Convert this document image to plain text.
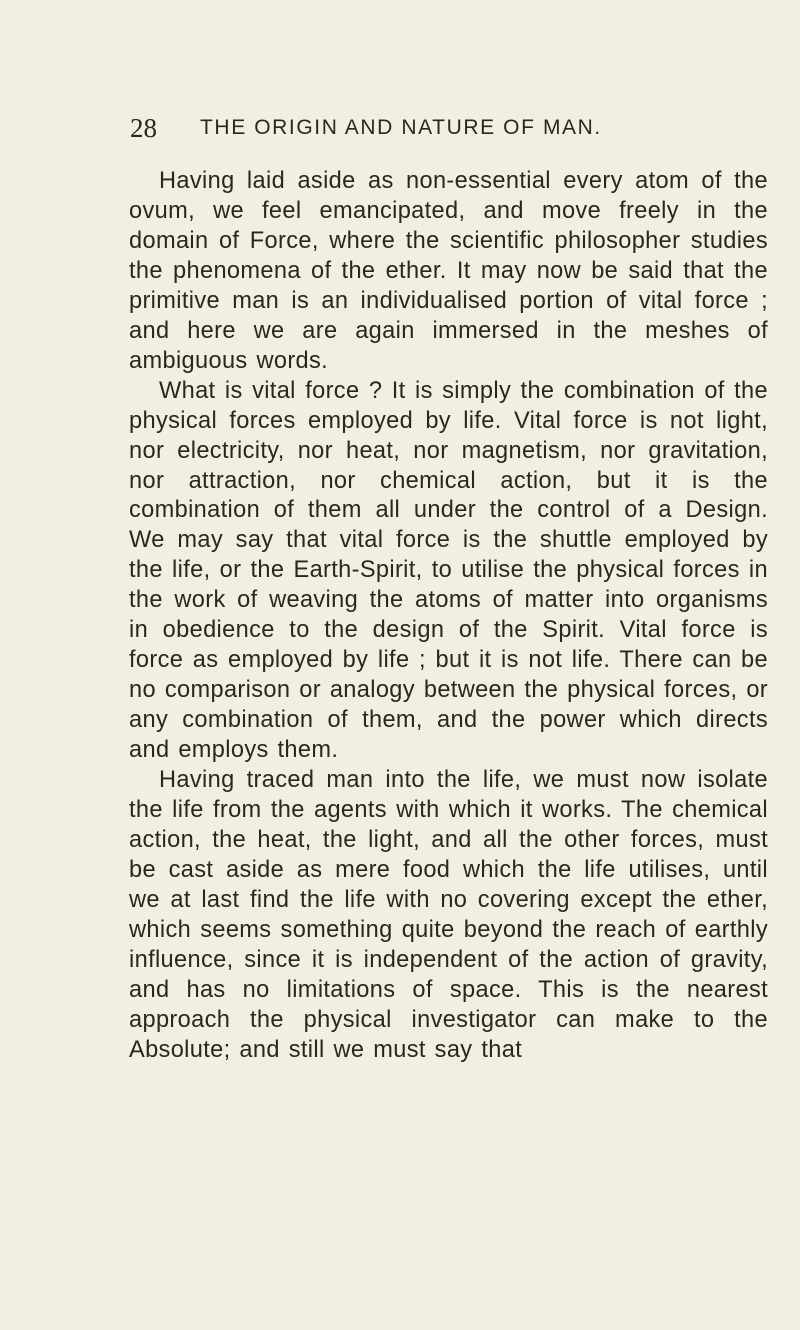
28 THE ORIGIN AND NATURE OF MAN.

Having laid aside as non-essential every atom of the ovum, we feel emancipated, and move freely in the domain of Force, where the scientific philosopher studies the phenomena of the ether. It may now be said that the primitive man is an individualised portion of vital force ; and here we are again immersed in the meshes of ambiguous words.

What is vital force ? It is simply the combination of the physical forces employed by life. Vital force is not light, nor electricity, nor heat, nor magnetism, nor gravitation, nor attraction, nor chemical action, but it is the combination of them all under the control of a Design. We may say that vital force is the shuttle employed by the life, or the Earth-Spirit, to utilise the physical forces in the work of weaving the atoms of matter into organisms in obedience to the design of the Spirit. Vital force is force as employed by life ; but it is not life. There can be no comparison or analogy between the physical forces, or any combination of them, and the power which directs and employs them.

Having traced man into the life, we must now isolate the life from the agents with which it works. The chemical action, the heat, the light, and all the other forces, must be cast aside as mere food which the life utilises, until we at last find the life with no covering except the ether, which seems something quite beyond the reach of earthly influence, since it is independent of the action of gravity, and has no limitations of space. This is the nearest approach the physical investigator can make to the Absolute; and still we must say that
